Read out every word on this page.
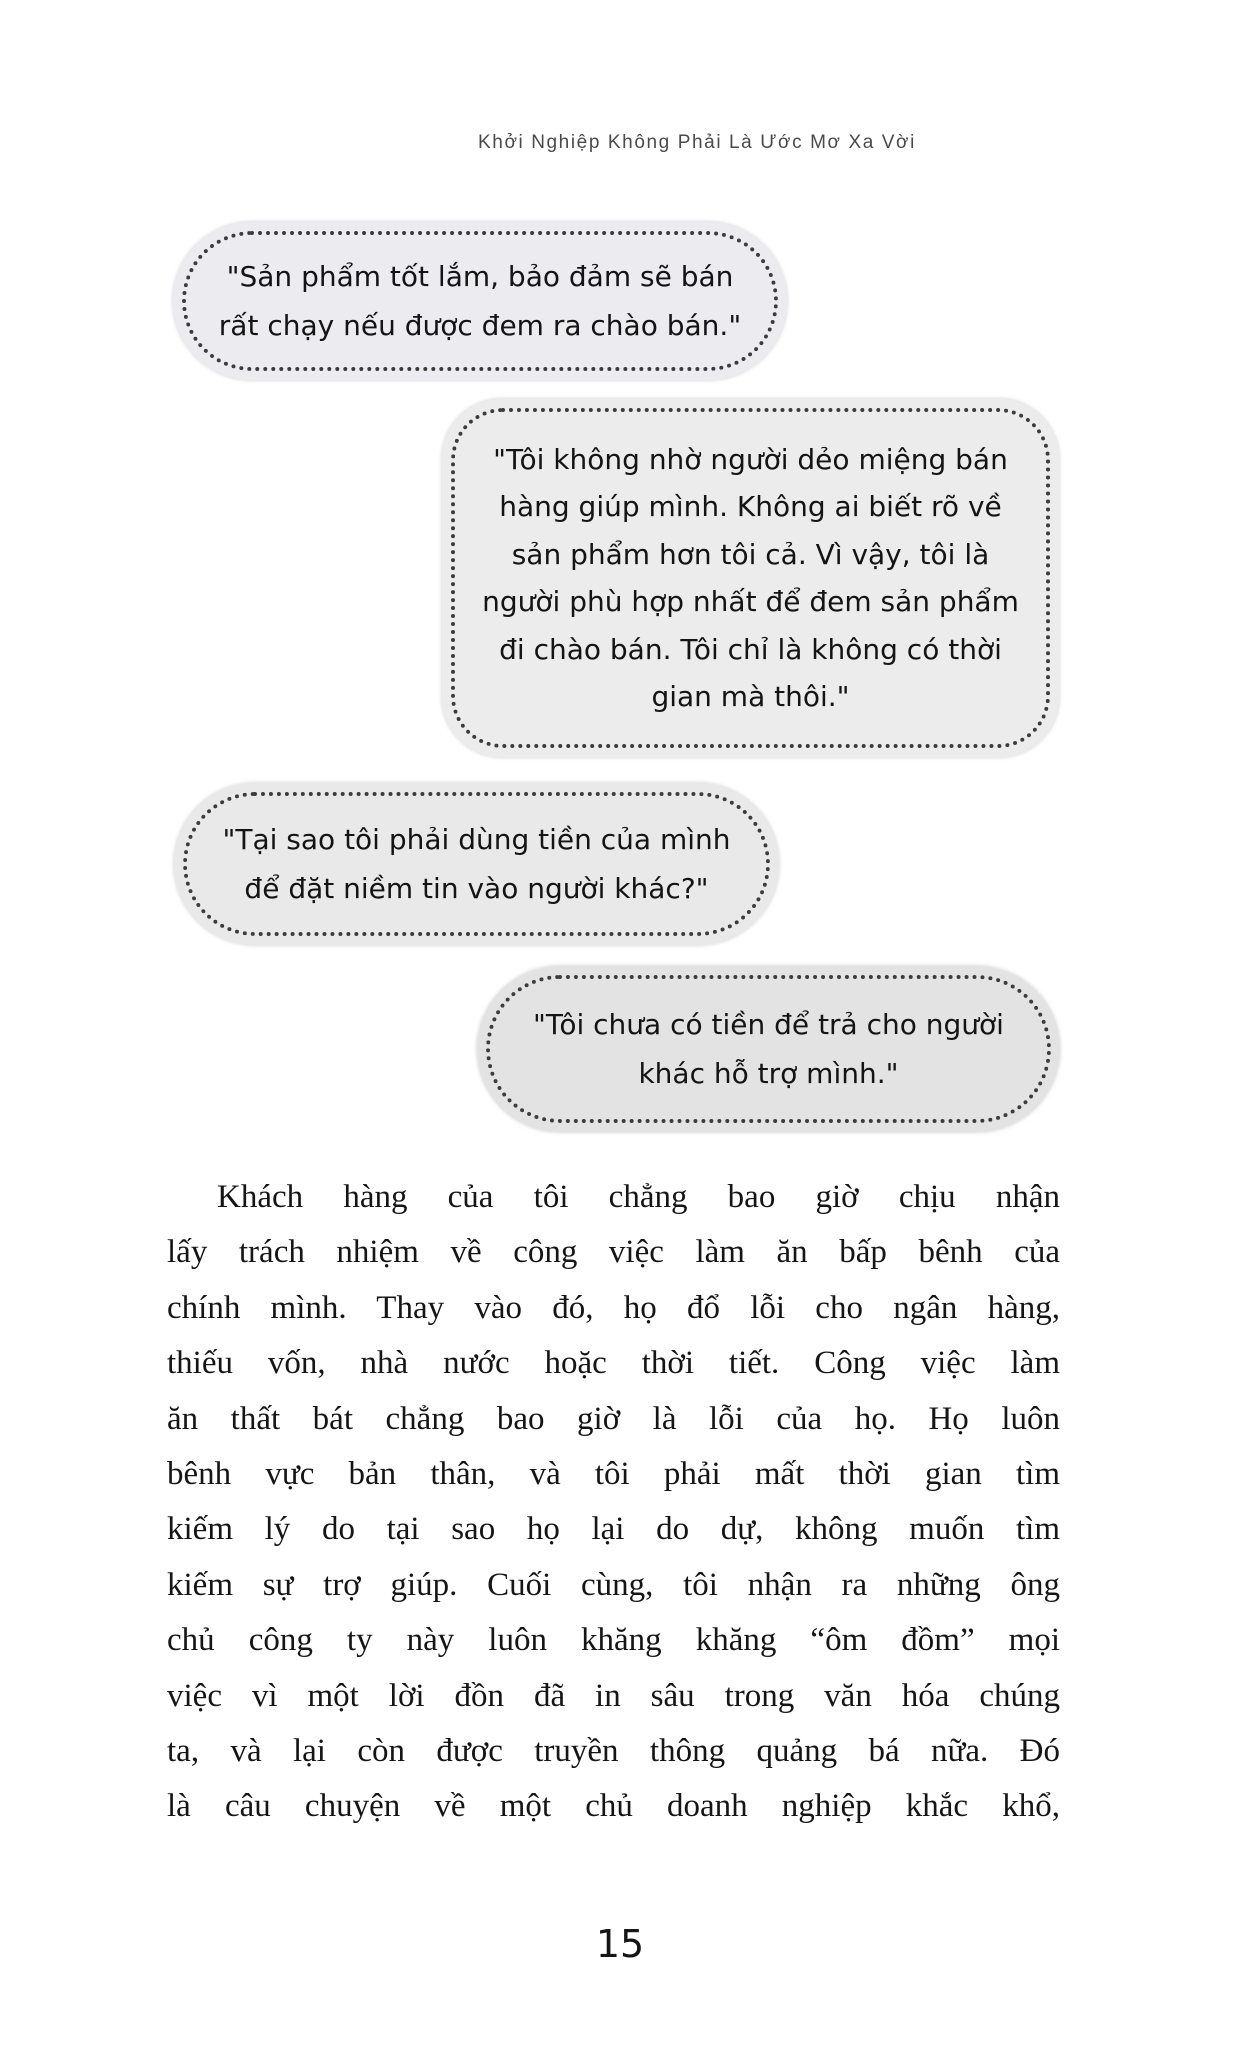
Khởi Nghiệp Không Phải Là Ước Mơ Xa Vời
"Sản phẩm tốt lắm, bảo đảm sẽ bán
rất chạy nếu được đem ra chào bán."
"Tôi không nhờ người dẻo miệng bán
hàng giúp mình. Không ai biết rõ về
sản phẩm hơn tôi cả. Vì vậy, tôi là
người phù hợp nhất để đem sản phẩm
đi chào bán. Tôi chỉ là không có thời
gian mà thôi."
"Tại sao tôi phải dùng tiền của mình
để đặt niềm tin vào người khác?"
"Tôi chưa có tiền để trả cho người
khác hỗ trợ mình."
Khách hàng của tôi chẳng bao giờ chịu nhận
lấy trách nhiệm về công việc làm ăn bấp bênh của
chính mình. Thay vào đó, họ đổ lỗi cho ngân hàng,
thiếu vốn, nhà nước hoặc thời tiết. Công việc làm
ăn thất bát chẳng bao giờ là lỗi của họ. Họ luôn
bênh vực bản thân, và tôi phải mất thời gian tìm
kiếm lý do tại sao họ lại do dự, không muốn tìm
kiếm sự trợ giúp. Cuối cùng, tôi nhận ra những ông
chủ công ty này luôn khăng khăng “ôm đồm” mọi
việc vì một lời đồn đã in sâu trong văn hóa chúng
ta, và lại còn được truyền thông quảng bá nữa. Đó
là câu chuyện về một chủ doanh nghiệp khắc khổ,
15
